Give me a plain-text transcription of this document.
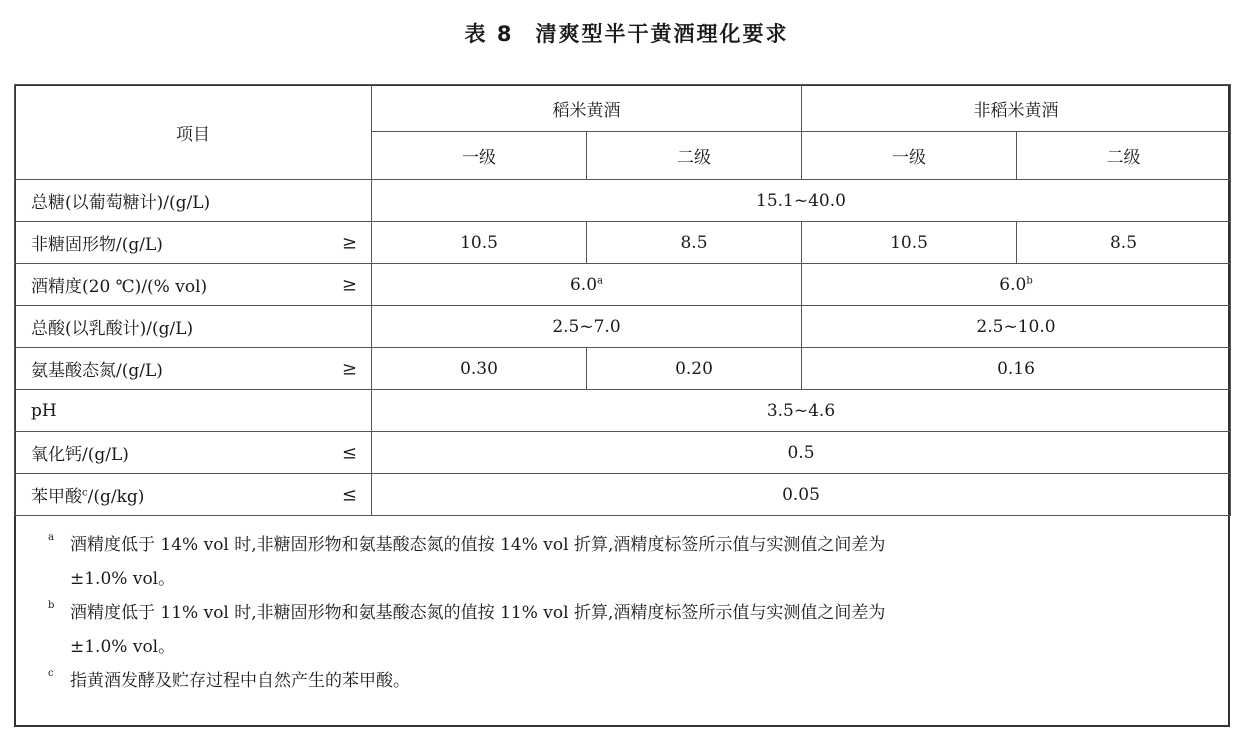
表 8 清爽型半干黄酒理化要求
项目	稻米黄酒		非稻米黄酒	
	一级	二级	一级	二级
总糖(以葡萄糖计)/(g/L)	15.1~40.0			
非糖固形物/(g/L) ≥	10.5	8.5	10.5	8.5
酒精度(20 ℃)/(% vol) ≥	6.0$^a$		6.0$^b$
总酸(以乳酸计)/(g/L)	2.5~7.0		2.5~10.0	
氨基酸态氮/(g/L) ≥	0.30	0.20	0.16	
pH	3.5~4.6			
氧化钙/(g/L) ≤	0.5			
苯甲酸$^c$/(g/kg) ≤	0.05			
a 酒精度低于 14% vol 时,非糖固形物和氨基酸态氮的值按 14% vol 折算,酒精度标签所示值与实测值之间差为
±1.0% vol。
b 酒精度低于 11% vol 时,非糖固形物和氨基酸态氮的值按 11% vol 折算,酒精度标签所示值与实测值之间差为
±1.0% vol。
c 指黄酒发酵及贮存过程中自然产生的苯甲酸。
